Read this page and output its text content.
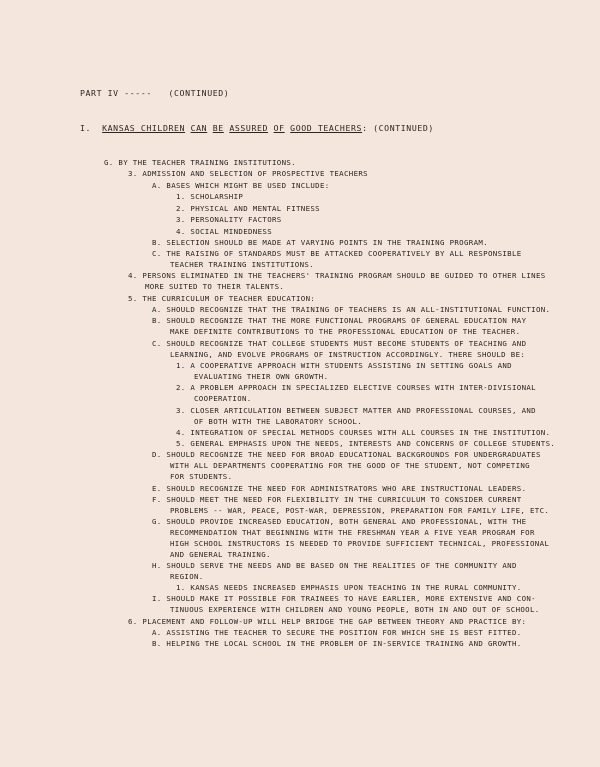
PART IV ----- (CONTINUED)
I. KANSAS CHILDREN CAN BE ASSURED OF GOOD TEACHERS: (CONTINUED)
G. BY THE TEACHER TRAINING INSTITUTIONS.
3. ADMISSION AND SELECTION OF PROSPECTIVE TEACHERS
A. BASES WHICH MIGHT BE USED INCLUDE:
1. SCHOLARSHIP
2. PHYSICAL AND MENTAL FITNESS
3. PERSONALITY FACTORS
4. SOCIAL MINDEDNESS
B. SELECTION SHOULD BE MADE AT VARYING POINTS IN THE TRAINING PROGRAM.
C. THE RAISING OF STANDARDS MUST BE ATTACKED COOPERATIVELY BY ALL RESPONSIBLE
TEACHER TRAINING INSTITUTIONS.
4. PERSONS ELIMINATED IN THE TEACHERS' TRAINING PROGRAM SHOULD BE GUIDED TO OTHER LINES
MORE SUITED TO THEIR TALENTS.
5. THE CURRICULUM OF TEACHER EDUCATION:
A. SHOULD RECOGNIZE THAT THE TRAINING OF TEACHERS IS AN ALL-INSTITUTIONAL FUNCTION.
B. SHOULD RECOGNIZE THAT THE MORE FUNCTIONAL PROGRAMS OF GENERAL EDUCATION MAY
MAKE DEFINITE CONTRIBUTIONS TO THE PROFESSIONAL EDUCATION OF THE TEACHER.
C. SHOULD RECOGNIZE THAT COLLEGE STUDENTS MUST BECOME STUDENTS OF TEACHING AND
LEARNING, AND EVOLVE PROGRAMS OF INSTRUCTION ACCORDINGLY. THERE SHOULD BE:
1. A COOPERATIVE APPROACH WITH STUDENTS ASSISTING IN SETTING GOALS AND
EVALUATING THEIR OWN GROWTH.
2. A PROBLEM APPROACH IN SPECIALIZED ELECTIVE COURSES WITH INTER-DIVISIONAL
COOPERATION.
3. CLOSER ARTICULATION BETWEEN SUBJECT MATTER AND PROFESSIONAL COURSES, AND
OF BOTH WITH THE LABORATORY SCHOOL.
4. INTEGRATION OF SPECIAL METHODS COURSES WITH ALL COURSES IN THE INSTITUTION.
5. GENERAL EMPHASIS UPON THE NEEDS, INTERESTS AND CONCERNS OF COLLEGE STUDENTS.
D. SHOULD RECOGNIZE THE NEED FOR BROAD EDUCATIONAL BACKGROUNDS FOR UNDERGRADUATES
WITH ALL DEPARTMENTS COOPERATING FOR THE GOOD OF THE STUDENT, NOT COMPETING
FOR STUDENTS.
E. SHOULD RECOGNIZE THE NEED FOR ADMINISTRATORS WHO ARE INSTRUCTIONAL LEADERS.
F. SHOULD MEET THE NEED FOR FLEXIBILITY IN THE CURRICULUM TO CONSIDER CURRENT
PROBLEMS -- WAR, PEACE, POST-WAR, DEPRESSION, PREPARATION FOR FAMILY LIFE, ETC.
G. SHOULD PROVIDE INCREASED EDUCATION, BOTH GENERAL AND PROFESSIONAL, WITH THE
RECOMMENDATION THAT BEGINNING WITH THE FRESHMAN YEAR A FIVE YEAR PROGRAM FOR
HIGH SCHOOL INSTRUCTORS IS NEEDED TO PROVIDE SUFFICIENT TECHNICAL, PROFESSIONAL
AND GENERAL TRAINING.
H. SHOULD SERVE THE NEEDS AND BE BASED ON THE REALITIES OF THE COMMUNITY AND
REGION.
1. KANSAS NEEDS INCREASED EMPHASIS UPON TEACHING IN THE RURAL COMMUNITY.
I. SHOULD MAKE IT POSSIBLE FOR TRAINEES TO HAVE EARLIER, MORE EXTENSIVE AND CON-
TINUOUS EXPERIENCE WITH CHILDREN AND YOUNG PEOPLE, BOTH IN AND OUT OF SCHOOL.
6. PLACEMENT AND FOLLOW-UP WILL HELP BRIDGE THE GAP BETWEEN THEORY AND PRACTICE BY:
A. ASSISTING THE TEACHER TO SECURE THE POSITION FOR WHICH SHE IS BEST FITTED.
B. HELPING THE LOCAL SCHOOL IN THE PROBLEM OF IN-SERVICE TRAINING AND GROWTH.
